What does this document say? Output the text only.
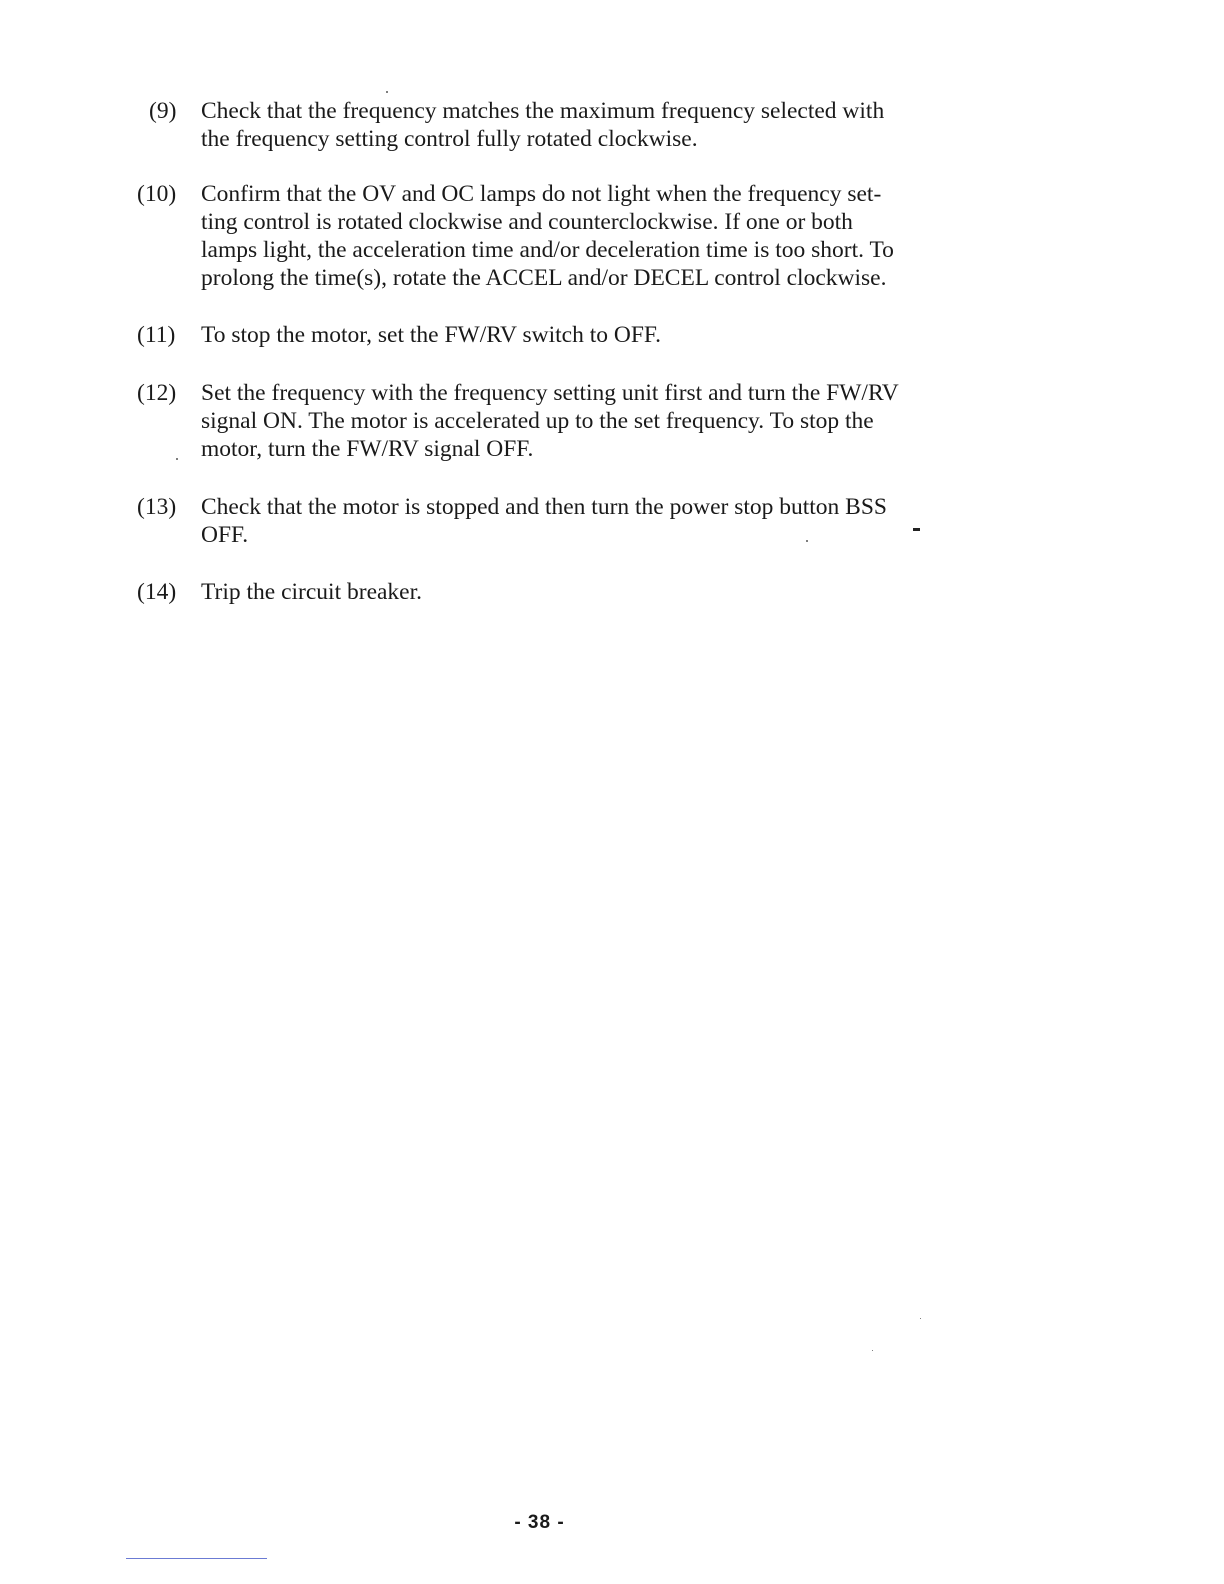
(9)	Check that the frequency matches the maximum frequency selected with
the frequency setting control fully rotated clockwise.
(10)	Confirm that the OV and OC lamps do not light when the frequency set-
ting control is rotated clockwise and counterclockwise. If one or both
lamps light, the acceleration time and/or deceleration time is too short. To
prolong the time(s), rotate the ACCEL and/or DECEL control clockwise.
(11)	To stop the motor, set the FW/RV switch to OFF.
(12)	Set the frequency with the frequency setting unit first and turn the FW/RV
signal ON. The motor is accelerated up to the set frequency. To stop the
motor, turn the FW/RV signal OFF.
(13)	Check that the motor is stopped and then turn the power stop button BSS
OFF.
(14)	Trip the circuit breaker.
- 38 -
